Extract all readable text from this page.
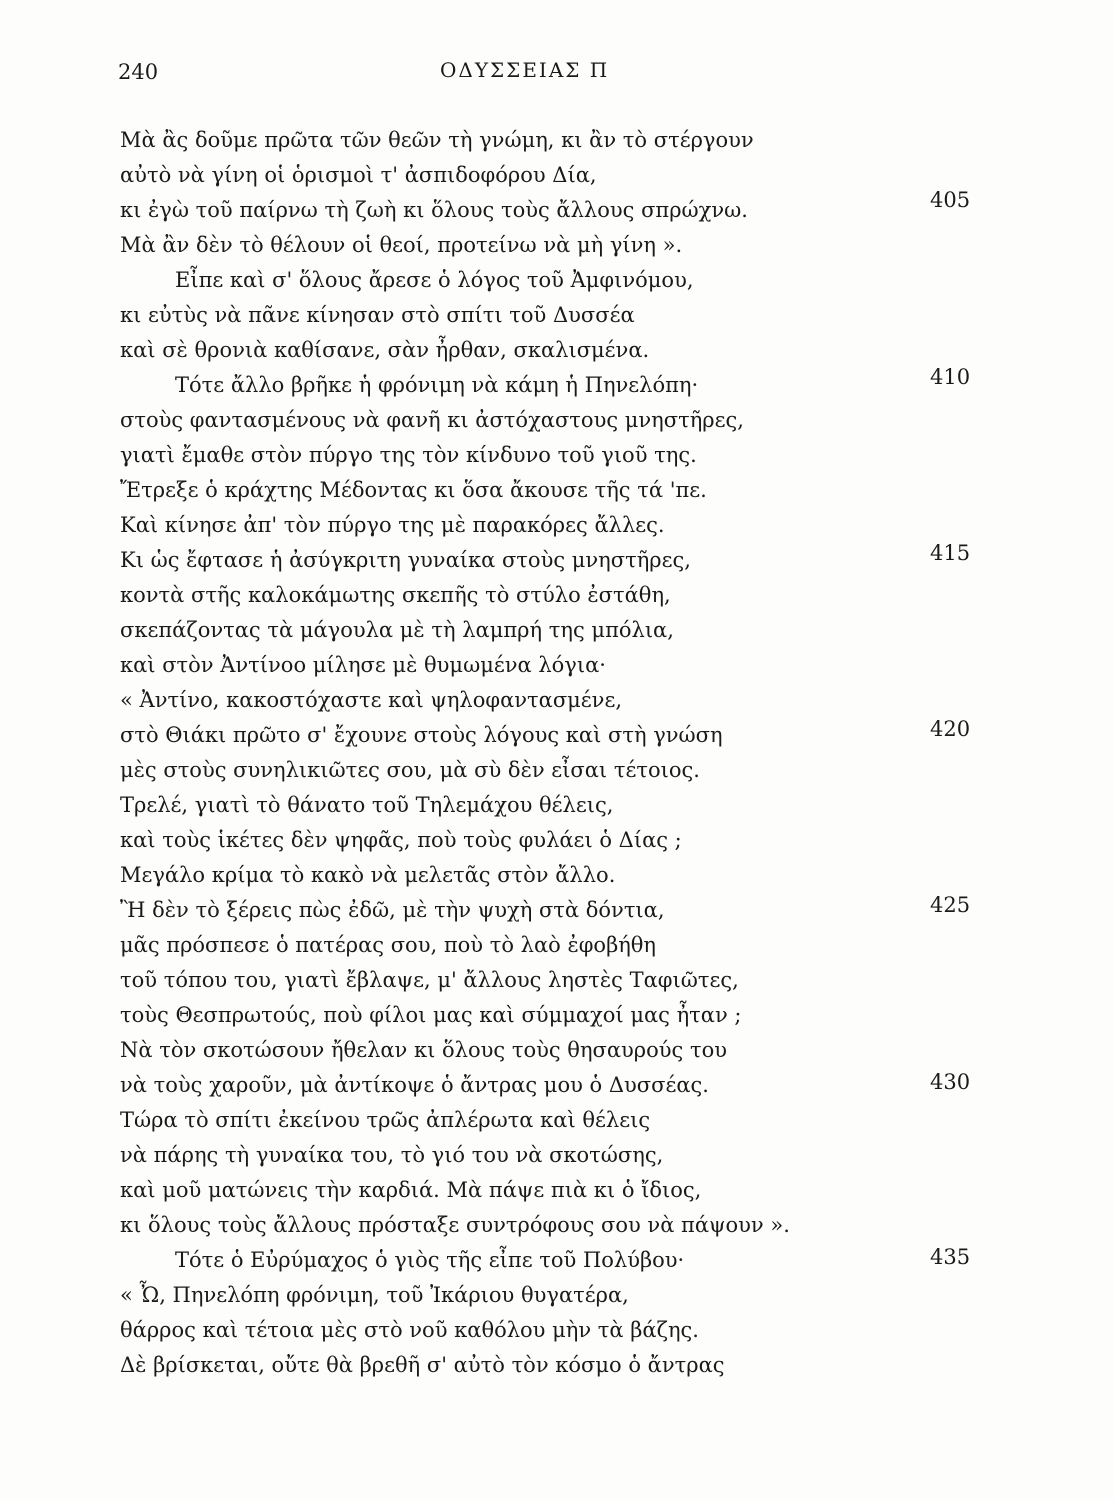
240	ΟΔΥΣΣΕΙΑΣ Π
Μὰ ἂς δοῦμε πρῶτα τῶν θεῶν τὴ γνώμη, κι ἂν τὸ στέργουν
αὐτὸ νὰ γίνη οἱ ὁρισμοὶ τ' ἀσπιδοφόρου Δία,
κι ἐγὼ τοῦ παίρνω τὴ ζωὴ κι ὅλους τοὺς ἄλλους σπρώχνω.
Μὰ ἂν δὲν τὸ θέλουν οἱ θεοί, προτείνω νὰ μὴ γίνη ».
Εἶπε καὶ σ' ὅλους ἄρεσε ὁ λόγος τοῦ Ἀμφινόμου,
κι εὐτὺς νὰ πᾶνε κίνησαν στὸ σπίτι τοῦ Δυσσέα
καὶ σὲ θρονιὰ καθίσανε, σὰν ἦρθαν, σκαλισμένα.
Τότε ἄλλο βρῆκε ἡ φρόνιμη νὰ κάμη ἡ Πηνελόπη·
στοὺς φαντασμένους νὰ φανῆ κι ἀστόχαστους μνηστῆρες,
γιατὶ ἔμαθε στὸν πύργο της τὸν κίνδυνο τοῦ γιοῦ της.
Ἔτρεξε ὁ κράχτης Μέδοντας κι ὅσα ἄκουσε τῆς τά 'πε.
Καὶ κίνησε ἀπ' τὸν πύργο της μὲ παρακόρες ἄλλες.
Κι ὡς ἔφτασε ἡ ἀσύγκριτη γυναίκα στοὺς μνηστῆρες,
κοντὰ στῆς καλοκάμωτης σκεπῆς τὸ στύλο ἐστάθη,
σκεπάζοντας τὰ μάγουλα μὲ τὴ λαμπρή της μπόλια,
καὶ στὸν Ἀντίνοο μίλησε μὲ θυμωμένα λόγια·
« Ἀντίνο, κακοστόχαστε καὶ ψηλοφαντασμένε,
στὸ Θιάκι πρῶτο σ' ἔχουνε στοὺς λόγους καὶ στὴ γνώση
μὲς στοὺς συνηλικιῶτες σου, μὰ σὺ δὲν εἶσαι τέτοιος.
Τρελέ, γιατὶ τὸ θάνατο τοῦ Τηλεμάχου θέλεις,
καὶ τοὺς ἱκέτες δὲν ψηφᾶς, ποὺ τοὺς φυλάει ὁ Δίας ;
Μεγάλο κρίμα τὸ κακὸ νὰ μελετᾶς στὸν ἄλλο.
Ἢ δὲν τὸ ξέρεις πὼς ἐδῶ, μὲ τὴν ψυχὴ στὰ δόντια,
μᾶς πρόσπεσε ὁ πατέρας σου, ποὺ τὸ λαὸ ἐφοβήθη
τοῦ τόπου του, γιατὶ ἔβλαψε, μ' ἄλλους ληστὲς Ταφιῶτες,
τοὺς Θεσπρωτούς, ποὺ φίλοι μας καὶ σύμμαχοί μας ἦταν ;
Νὰ τὸν σκοτώσουν ἤθελαν κι ὅλους τοὺς θησαυρούς του
νὰ τοὺς χαροῦν, μὰ ἀντίκοψε ὁ ἄντρας μου ὁ Δυσσέας.
Τώρα τὸ σπίτι ἐκείνου τρῶς ἀπλέρωτα καὶ θέλεις
νὰ πάρης τὴ γυναίκα του, τὸ γιό του νὰ σκοτώσης,
καὶ μοῦ ματώνεις τὴν καρδιά. Μὰ πάψε πιὰ κι ὁ ἴδιος,
κι ὅλους τοὺς ἄλλους πρόσταξε συντρόφους σου νὰ πάψουν ».
Τότε ὁ Εὐρύμαχος ὁ γιὸς τῆς εἶπε τοῦ Πολύβου·
« Ὦ, Πηνελόπη φρόνιμη, τοῦ Ἰκάριου θυγατέρα,
θάρρος καὶ τέτοια μὲς στὸ νοῦ καθόλου μὴν τὰ βάζης.
Δὲ βρίσκεται, οὔτε θὰ βρεθῆ σ' αὐτὸ τὸν κόσμο ὁ ἄντρας
405
410
415
420
425
430
435
